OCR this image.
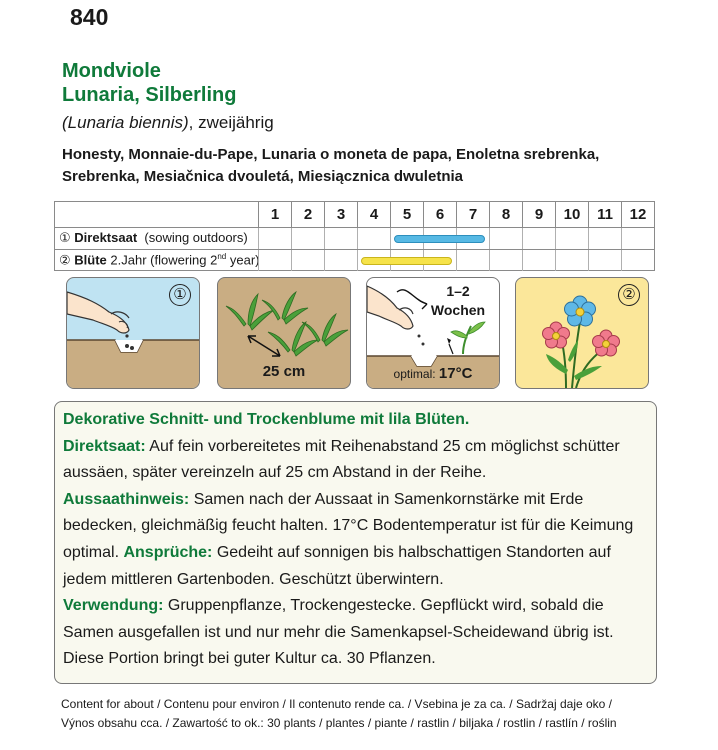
840
Mondviole
Lunaria, Silberling
(Lunaria biennis), zweijährig
Honesty, Monnaie-du-Pape, Lunaria o moneta de papa, Enoletna srebrenka,
Srebrenka, Mesiačnica dvouletá, Miesiącznica dwuletnia
1	2	3	4	5	6	7	8	9	10	11	12
① Direktsaat (sowing outdoors)
② Blüte 2.Jahr (flowering 2nd year)
①
25 cm
1–2
Wochen
optimal: 17°C
②
Dekorative Schnitt- und Trockenblume mit lila Blüten.
Direktsaat: Auf fein vorbereitetes mit Reihenabstand 25 cm möglichst schütter aussäen, später vereinzeln auf 25 cm Abstand in der Reihe.
Aussaathinweis: Samen nach der Aussaat in Samenkornstärke mit Erde bedecken, gleichmäßig feucht halten. 17°C Bodentemperatur ist für die Keimung optimal. Ansprüche: Gedeiht auf sonnigen bis halbschattigen Standorten auf jedem mittleren Gartenboden. Geschützt überwintern.
Verwendung: Gruppenpflanze, Trockengestecke. Gepflückt wird, sobald die Samen ausgefallen ist und nur mehr die Samenkapsel-Scheidewand übrig ist. Diese Portion bringt bei guter Kultur ca. 30 Pflanzen.
Content for about / Contenu pour environ / Il contenuto rende ca. / Vsebina je za ca. / Sadržaj daje oko /
Výnos obsahu cca. / Zawartość to ok.: 30 plants / plantes / piante / rastlin / biljaka / rostlin / rastlín / roślin
